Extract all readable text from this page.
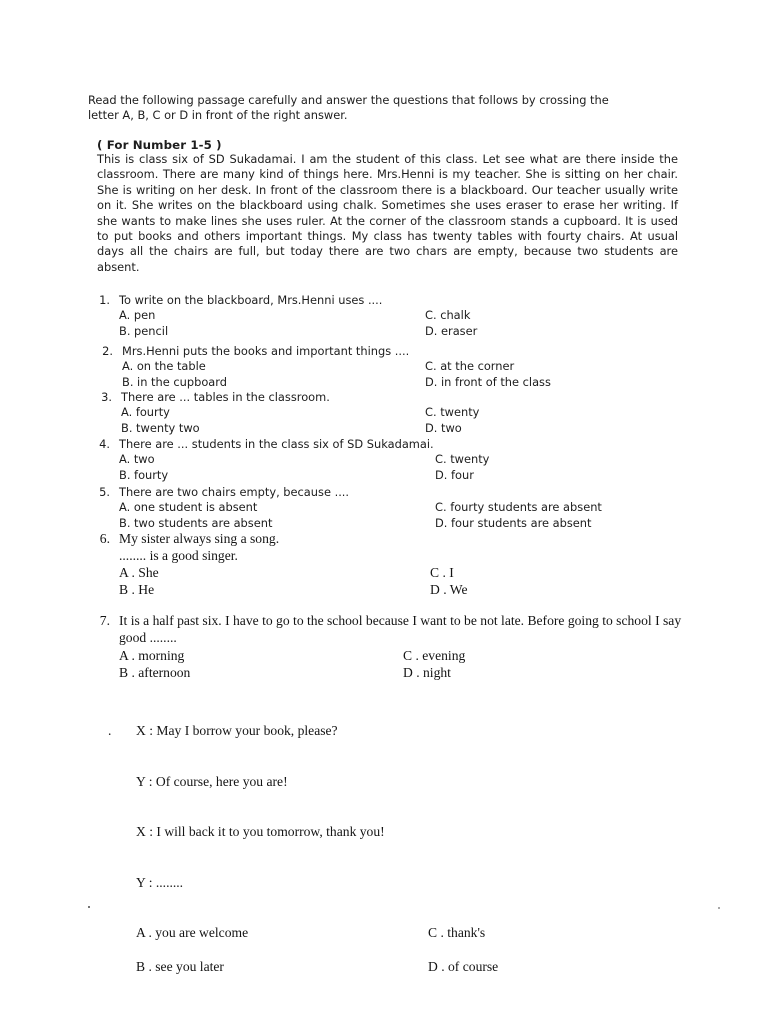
Read the following passage carefully and answer the questions that follows by crossing the
letter A, B, C or D in front of the right answer.
( For Number 1-5 )

This is class six of SD Sukadamai. I am the student of this class. Let see what are there inside the classroom. There are many kind of things here. Mrs.Henni is my teacher. She is sitting on her chair. She is writing on her desk. In front of the classroom there is a blackboard. Our teacher usually write on it. She writes on the blackboard using chalk. Sometimes she uses eraser to erase her writing. If she wants to make lines she uses ruler. At the corner of the classroom stands a cupboard. It is used to put books and others important things. My class has twenty tables with fourty chairs. At usual days all the chairs are full, but today there are two chars are empty, because two students are absent.

1. To write on the blackboard, Mrs.Henni uses ....
A. pen	C. chalk
B. pencil	D. eraser
2. Mrs.Henni puts the books and important things ....
A. on the table	C. at the corner
B. in the cupboard	D. in front of the class
3. There are ... tables in the classroom.
A. fourty	C. twenty
B. twenty two	D. two
4. There are ... students in the class six of SD Sukadamai.
A. two	C. twenty
B. fourty	D. four
5. There are two chairs empty, because ....
A. one student is absent	C. fourty students are absent
B. two students are absent	D. four students are absent
6. My sister always sing a song.
........ is a good singer.
A . She	C . I
B . He	D . We
7. It is a half past six. I have to go to the school because I want to be not late. Before going to school I say good ........
A . morning	C . evening
B . afternoon	D . night
. X : May I borrow your book, please?
Y : Of course, here you are!
X : I will back it to you tomorrow, thank you!
Y : ........
A . you are welcome	C . thank's
B . see you later	D . of course
